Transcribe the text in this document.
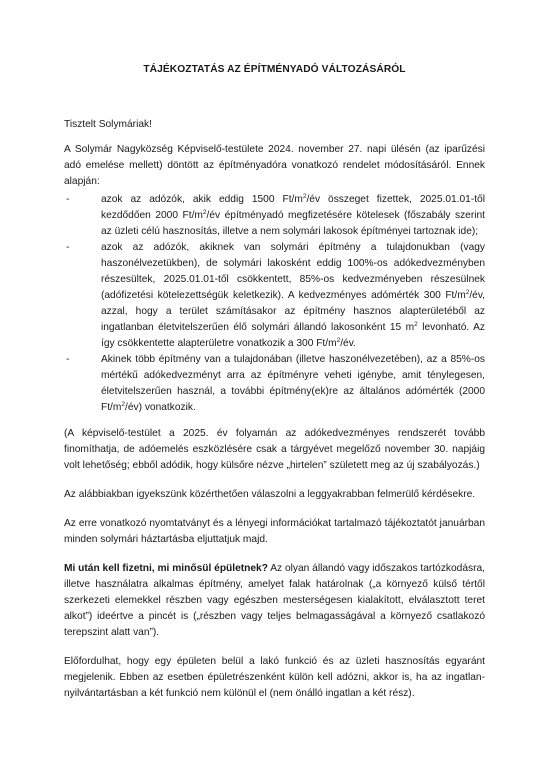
TÁJÉKOZTATÁS AZ ÉPÍTMÉNYADÓ VÁLTOZÁSÁRÓL

Tisztelt Solymáriak!

A Solymár Nagyközség Képviselő-testülete 2024. november 27. napi ülésén (az iparűzési adó emelése mellett) döntött az építményadóra vonatkozó rendelet módosításáról. Ennek alapján:

-	azok az adózók, akik eddig 1500 $Ft/m^2/év$ összeget fizettek, 2025.01.01-től kezdődően 2000 $Ft/m^2/év$ építményadó megfizetésére kötelesek (főszabály szerint az üzleti célú hasznosítás, illetve a nem solymári lakosok építményei tartoznak ide);
-	azok az adózók, akiknek van solymári építmény a tulajdonukban (vagy haszonélvezetükben), de solymári lakosként eddig 100%-os adókedvezményben részesültek, 2025.01.01-től csökkentett, 85%-os kedvezményeben részesülnek (adófizetési kötelezettségük keletkezik). A kedvezményes adómérték 300 $Ft/m^2/év$, azzal, hogy a terület számításakor az építmény hasznos alapterületéből az ingatlanban életvitelszerűen élő solymári állandó lakosonként 15 $m^2$ levonható. Az így csökkentette alapterületre vonatkozik a 300 $Ft/m^2/év$.
-	Akinek több építmény van a tulajdonában (illetve haszonélvezetében), az a 85%-os mértékű adókedvezményt arra az építményre veheti igénybe, amit ténylegesen, életvitelszerűen használ, a további építmény(ek)re az általános adómérték (2000 $Ft/m^2/év$) vonatkozik.

(A képviselő-testület a 2025. év folyamán az adókedvezményes rendszerét tovább finomíthatja, de adóemelés eszközlésére csak a tárgyévet megelőző november 30. napjáig volt lehetőség; ebből adódik, hogy külsőre nézve „hirtelen” született meg az új szabályozás.)

Az alábbiakban igyekszünk közérthetően válaszolni a leggyakrabban felmerülő kérdésekre.

Az erre vonatkozó nyomtatványt és a lényegi információkat tartalmazó tájékoztatót januárban minden solymári háztartásba eljuttatjuk majd.

Mi után kell fizetni, mi minősül épületnek? Az olyan állandó vagy időszakos tartózkodásra, illetve használatra alkalmas építmény, amelyet falak határolnak („a környező külső tértől szerkezeti elemekkel részben vagy egészben mesterségesen kialakított, elválasztott teret alkot”) ideértve a pincét is („részben vagy teljes belmagasságával a környező csatlakozó terepszint alatt van”).

Előfordulhat, hogy egy épületen belül a lakó funkció és az üzleti hasznosítás egyaránt megjelenik. Ebben az esetben épületrészenként külön kell adózni, akkor is, ha az ingatlan-nyilvántartásban a két funkció nem különül el (nem önálló ingatlan a két rész).
